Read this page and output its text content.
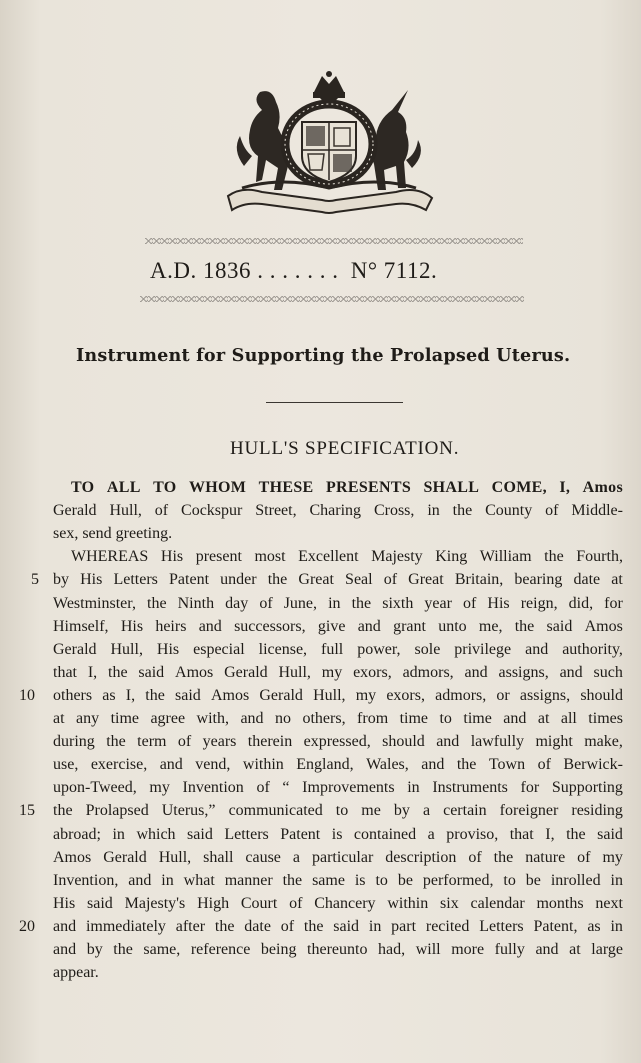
A.D. 1836 . . . . . . . N° 7112.
Instrument for Supporting the Prolapsed Uterus.
HULL'S SPECIFICATION.
TO ALL TO WHOM THESE PRESENTS SHALL COME, I, Amos
Gerald Hull, of Cockspur Street, Charing Cross, in the County of Middle-
sex, send greeting.
WHEREAS His present most Excellent Majesty King William the Fourth,
by His Letters Patent under the Great Seal of Great Britain, bearing date at
Westminster, the Ninth day of June, in the sixth year of His reign, did, for
Himself, His heirs and successors, give and grant unto me, the said Amos
Gerald Hull, His especial license, full power, sole privilege and authority,
that I, the said Amos Gerald Hull, my exors, admors, and assigns, and such
others as I, the said Amos Gerald Hull, my exors, admors, or assigns, should
at any time agree with, and no others, from time to time and at all times
during the term of years therein expressed, should and lawfully might make,
use, exercise, and vend, within England, Wales, and the Town of Berwick-
upon-Tweed, my Invention of “ Improvements in Instruments for Supporting
the Prolapsed Uterus,” communicated to me by a certain foreigner residing
abroad; in which said Letters Patent is contained a proviso, that I, the said
Amos Gerald Hull, shall cause a particular description of the nature of my
Invention, and in what manner the same is to be performed, to be inrolled in
His said Majesty's High Court of Chancery within six calendar months next
and immediately after the date of the said in part recited Letters Patent, as in
and by the same, reference being thereunto had, will more fully and at large
appear.
5
10
15
20
